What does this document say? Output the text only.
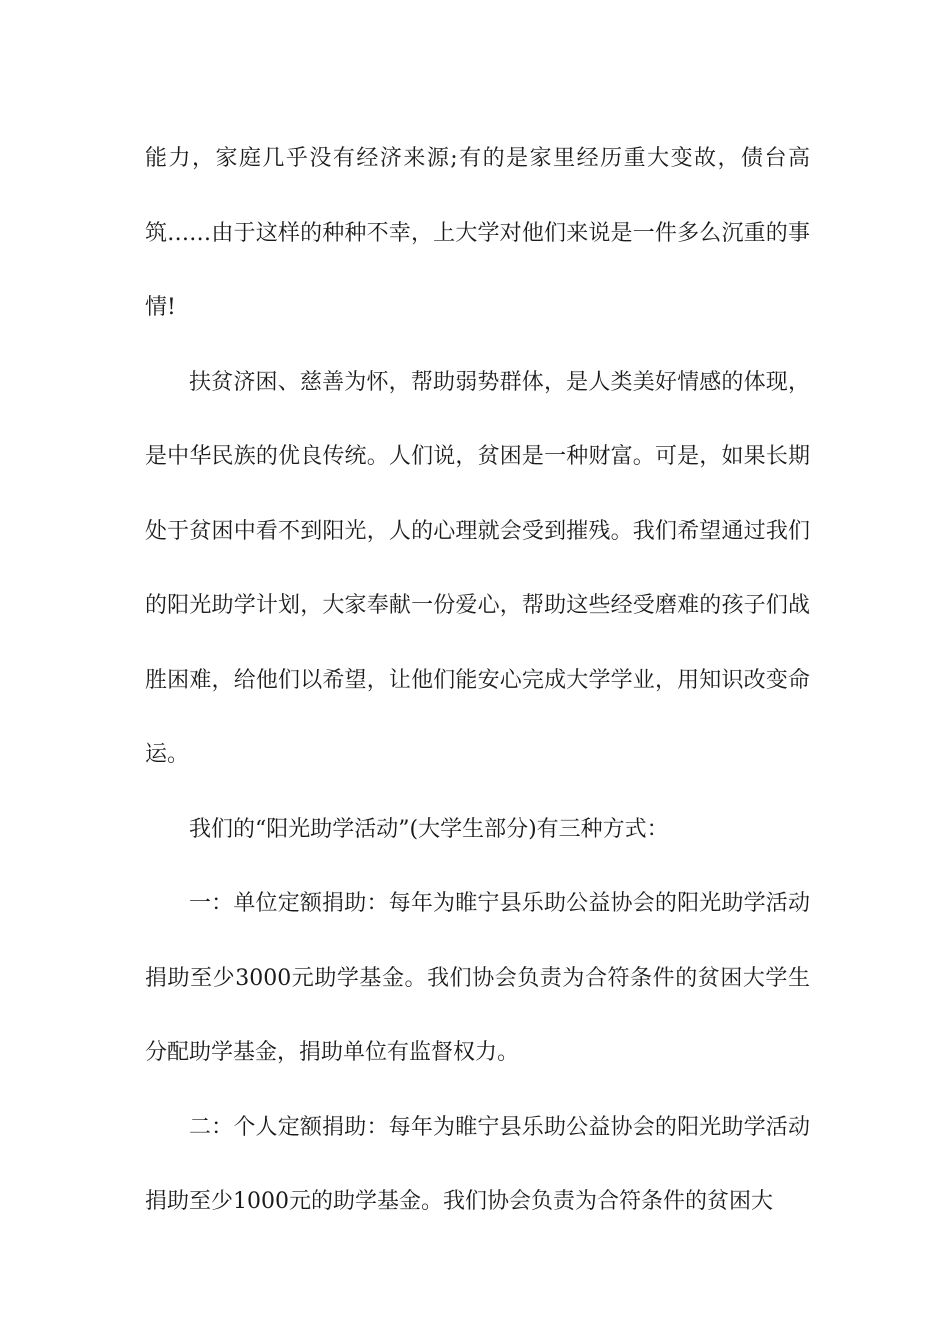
能力，家庭几乎没有经济来源;有的是家里经历重大变故，债台高筑……由于这样的种种不幸，上大学对他们来说是一件多么沉重的事情!

扶贫济困、慈善为怀，帮助弱势群体，是人类美好情感的体现，是中华民族的优良传统。人们说，贫困是一种财富。可是，如果长期处于贫困中看不到阳光，人的心理就会受到摧残。我们希望通过我们的阳光助学计划，大家奉献一份爱心，帮助这些经受磨难的孩子们战胜困难，给他们以希望，让他们能安心完成大学学业，用知识改变命运。

我们的“阳光助学活动”(大学生部分)有三种方式：

一：单位定额捐助：每年为睢宁县乐助公益协会的阳光助学活动捐助至少3000元助学基金。我们协会负责为合符条件的贫困大学生分配助学基金，捐助单位有监督权力。

二：个人定额捐助：每年为睢宁县乐助公益协会的阳光助学活动捐助至少1000元的助学基金。我们协会负责为合符条件的贫困大
